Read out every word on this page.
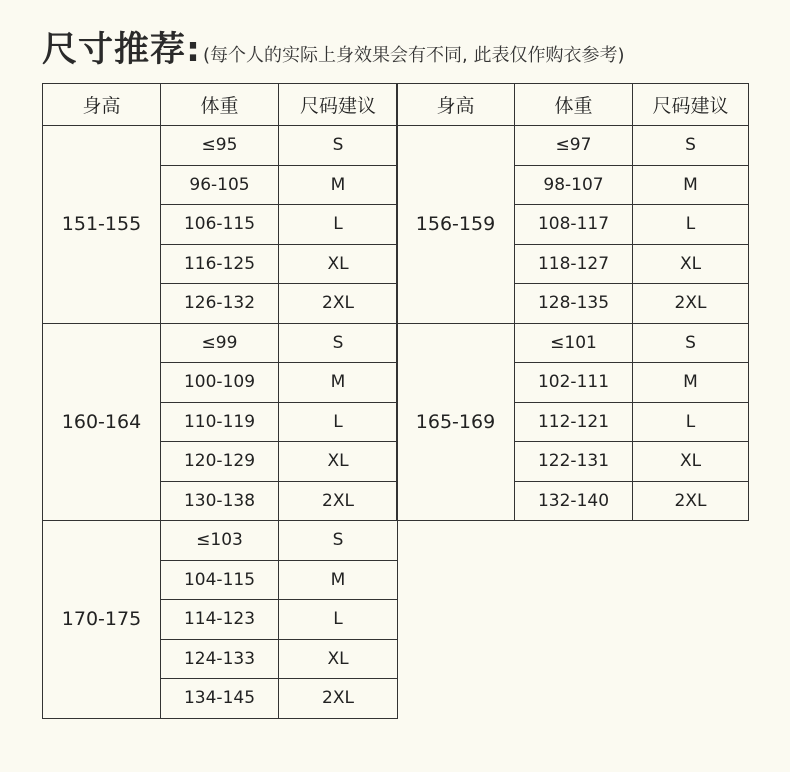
尺寸推荐: (每个人的实际上身效果会有不同, 此表仅作购衣参考)
身高	体重	尺码建议
151-155	≤95	S
	96-105	M
	106-115	L
	116-125	XL
	126-132	2XL
160-164	≤99	S
	100-109	M
	110-119	L
	120-129	XL
	130-138	2XL
170-175	≤103	S
	104-115	M
	114-123	L
	124-133	XL
	134-145	2XL
身高	体重	尺码建议
156-159	≤97	S
	98-107	M
	108-117	L
	118-127	XL
	128-135	2XL
165-169	≤101	S
	102-111	M
	112-121	L
	122-131	XL
	132-140	2XL
